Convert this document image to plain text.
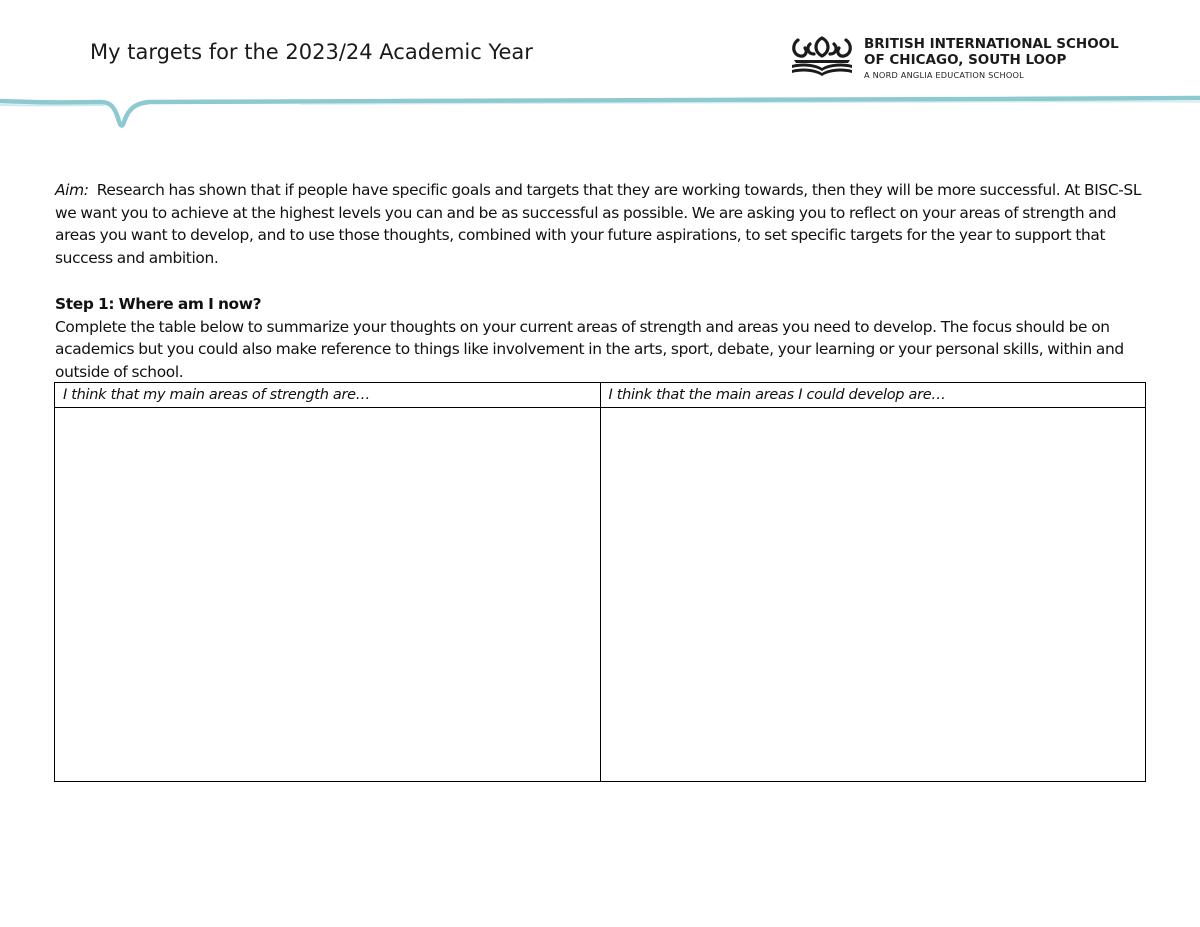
My targets for the 2023/24 Academic Year	BRITISH INTERNATIONAL SCHOOL
OF CHICAGO, SOUTH LOOP
A NORD ANGLIA EDUCATION SCHOOL

Aim: Research has shown that if people have specific goals and targets that they are working towards, then they will be more successful. At BISC-SL we want you to achieve at the highest levels you can and be as successful as possible. We are asking you to reflect on your areas of strength and areas you want to develop, and to use those thoughts, combined with your future aspirations, to set specific targets for the year to support that success and ambition.

Step 1: Where am I now?

Complete the table below to summarize your thoughts on your current areas of strength and areas you need to develop. The focus should be on academics but you could also make reference to things like involvement in the arts, sport, debate, your learning or your personal skills, within and outside of school.

I think that my main areas of strength are…	I think that the main areas I could develop are…
